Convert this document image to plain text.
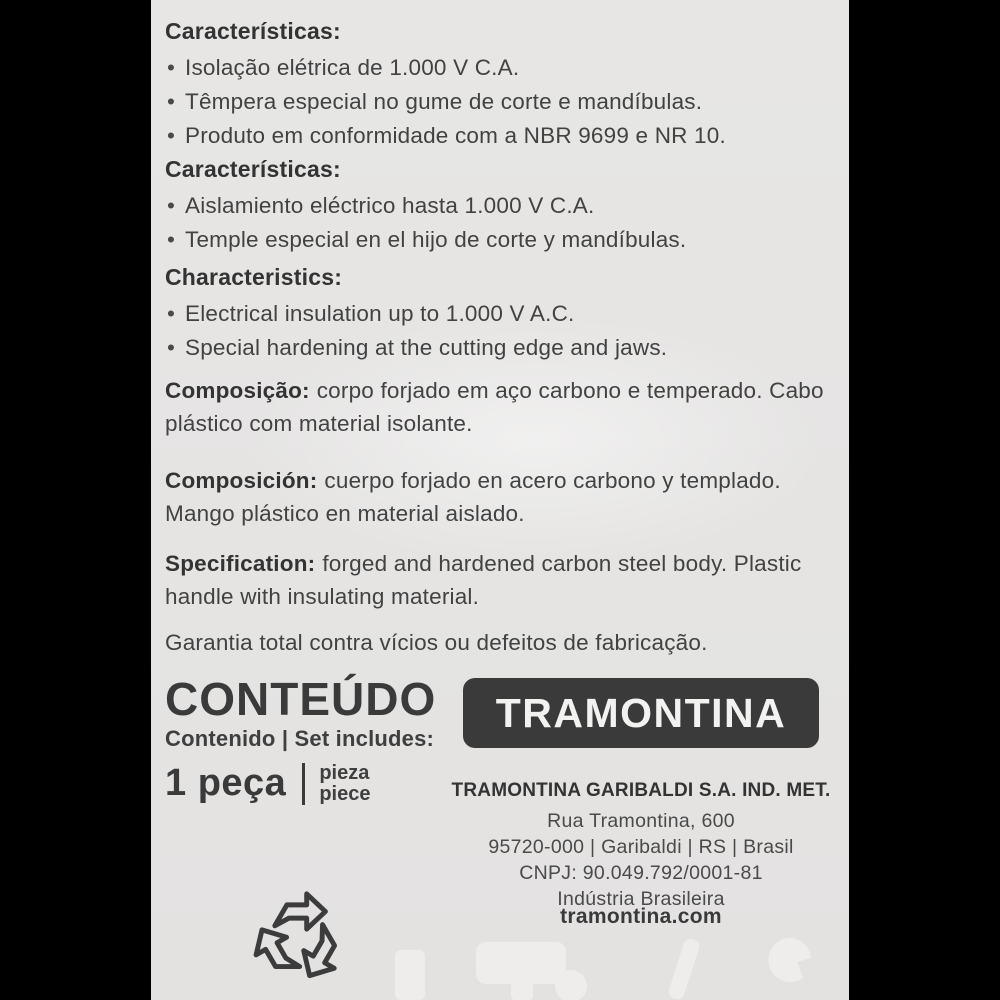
Características:
• Isolação elétrica de 1.000 V C.A.
• Têmpera especial no gume de corte e mandíbulas.
• Produto em conformidade com a NBR 9699 e NR 10.
Características:
• Aislamiento eléctrico hasta 1.000 V C.A.
• Temple especial en el hijo de corte y mandíbulas.
Characteristics:
• Electrical insulation up to 1.000 V A.C.
• Special hardening at the cutting edge and jaws.
Composição: corpo forjado em aço carbono e temperado. Cabo plástico com material isolante.
Composición: cuerpo forjado en acero carbono y templado. Mango plástico en material aislado.
Specification: forged and hardened carbon steel body. Plastic handle with insulating material.
Garantia total contra vícios ou defeitos de fabricação.
CONTEÚDO
Contenido | Set includes:
1 peça pieza
piece
TRAMONTINA
TRAMONTINA GARIBALDI S.A. IND. MET.
Rua Tramontina, 600
95720-000 | Garibaldi | RS | Brasil
CNPJ: 90.049.792/0001-81
Indústria Brasileira
tramontina.com
